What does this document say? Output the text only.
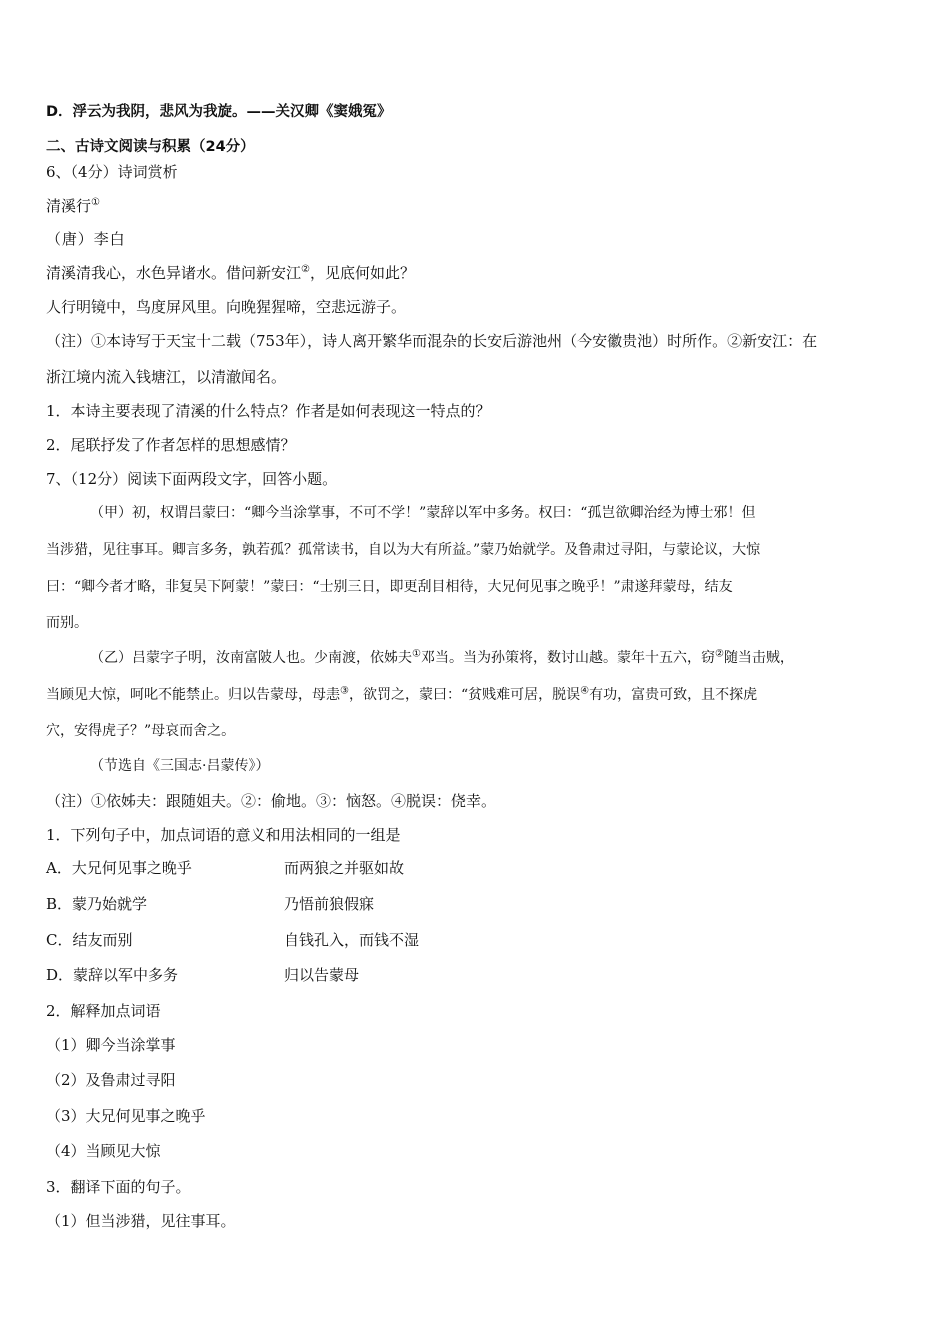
D．浮云为我阴，悲风为我旋。——关汉卿《窦娥冤》
二、古诗文阅读与积累（24分）
6、（4分）诗词赏析
清溪行①
（唐）李白
清溪清我心，水色异诸水。借问新安江②，见底何如此？
人行明镜中，鸟度屏风里。向晚猩猩啼，空悲远游子。
（注）①本诗写于天宝十二载（753年），诗人离开繁华而混杂的长安后游池州（今安徽贵池）时所作。②新安江：在
浙江境内流入钱塘江，以清澈闻名。
1．本诗主要表现了清溪的什么特点？作者是如何表现这一特点的？
2．尾联抒发了作者怎样的思想感情？
7、（12分）阅读下面两段文字，回答小题。
（甲）初，权谓吕蒙曰：“卿今当涂掌事，不可不学！”蒙辞以军中多务。权曰：“孤岂欲卿治经为博士邪！但
当涉猎，见往事耳。卿言多务，孰若孤？孤常读书，自以为大有所益。”蒙乃始就学。及鲁肃过寻阳，与蒙论议，大惊
曰：“卿今者才略，非复吴下阿蒙！”蒙曰：“士别三日，即更刮目相待，大兄何见事之晚乎！”肃遂拜蒙母，结友
而别。
（乙）吕蒙字子明，汝南富陂人也。少南渡，依姊夫①邓当。当为孙策将，数讨山越。蒙年十五六，窃②随当击贼，
当顾见大惊，呵叱不能禁止。归以告蒙母，母恚③，欲罚之，蒙曰：“贫贱难可居，脱误④有功，富贵可致，且不探虎
穴，安得虎子？”母哀而舍之。
（节选自《三国志·吕蒙传》）
（注）①依姊夫：跟随姐夫。②：偷地。③：恼怒。④脱误：侥幸。
1．下列句子中，加点词语的意义和用法相同的一组是
A．大兄何见事之晚乎	而两狼之并驱如故
B．蒙乃始就学	乃悟前狼假寐
C．结友而别	自钱孔入，而钱不湿
D．蒙辞以军中多务	归以告蒙母
2．解释加点词语
（1）卿今当涂掌事
（2）及鲁肃过寻阳
（3）大兄何见事之晚乎
（4）当顾见大惊
3．翻译下面的句子。
（1）但当涉猎，见往事耳。
